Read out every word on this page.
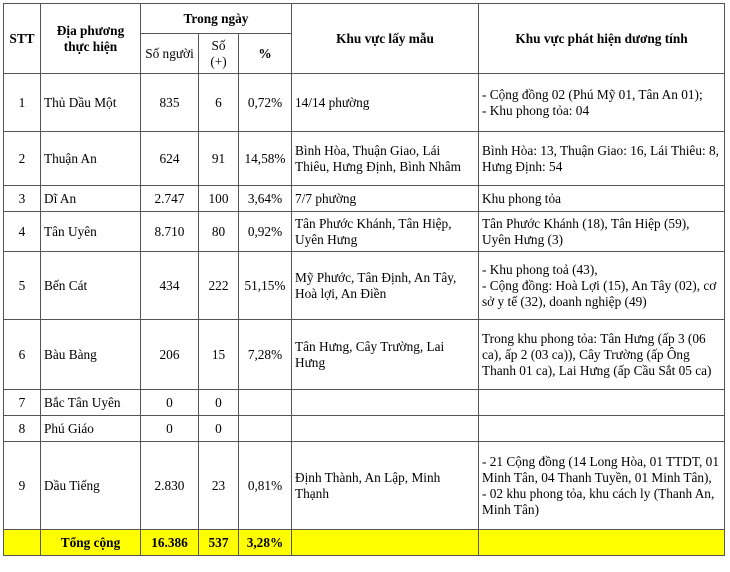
STT	Địa phương thực hiện	Trong ngày			Khu vực lấy mẫu	Khu vực phát hiện dương tính
		Số người	Số (+)	%		
1	Thủ Dầu Một	835	6	0,72%	14/14 phường	- Cộng đồng 02 (Phú Mỹ 01, Tân An 01);
- Khu phong tỏa: 04
2	Thuận An	624	91	14,58%	Bình Hòa, Thuận Giao, Lái Thiêu, Hưng Định, Bình Nhâm	Bình Hòa: 13, Thuận Giao: 16, Lái Thiêu: 8, Hưng Định: 54
3	Dĩ An	2.747	100	3,64%	7/7 phường	Khu phong tỏa
4	Tân Uyên	8.710	80	0,92%	Tân Phước Khánh, Tân Hiệp, Uyên Hưng	Tân Phước Khánh (18), Tân Hiệp (59), Uyên Hưng (3)
5	Bến Cát	434	222	51,15%	Mỹ Phước, Tân Định, An Tây, Hoà lợi, An Điền	- Khu phong toả (43),
- Cộng đồng: Hoà Lợi (15), An Tây (02), cơ sở y tế (32), doanh nghiệp (49)
6	Bàu Bàng	206	15	7,28%	Tân Hưng, Cây Trường, Lai Hưng	Trong khu phong tỏa: Tân Hưng (ấp 3 (06 ca), ấp 2 (03 ca)), Cây Trường (ấp Ông Thanh 01 ca), Lai Hưng (ấp Cầu Sắt 05 ca)
7	Bắc Tân Uyên	0	0			
8	Phú Giáo	0	0			
9	Dầu Tiếng	2.830	23	0,81%	Định Thành, An Lập, Minh Thạnh	- 21 Cộng đồng (14 Long Hòa, 01 TTDT, 01 Minh Tân, 04 Thanh Tuyền, 01 Minh Tân),
- 02 khu phong tỏa, khu cách ly (Thanh An, Minh Tân)
	Tổng cộng	16.386	537	3,28%		
